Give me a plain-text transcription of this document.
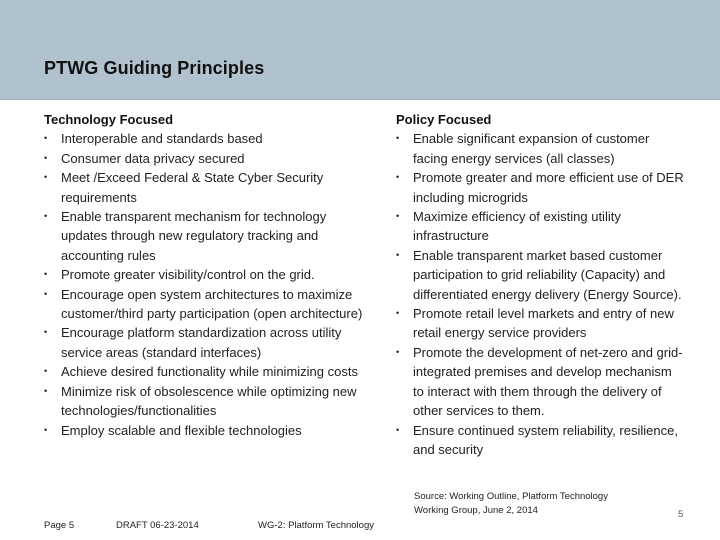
PTWG Guiding Principles
Technology Focused
•	Interoperable and standards based
•	Consumer data privacy secured
•	Meet /Exceed Federal & State Cyber Security requirements
•	Enable transparent mechanism for technology updates through new regulatory tracking and accounting rules
•	Promote greater visibility/control on the grid.
•	Encourage open system architectures to maximize customer/third party participation (open architecture)
•	Encourage platform standardization across utility service areas (standard interfaces)
•	Achieve desired functionality while minimizing costs
•	Minimize risk of obsolescence while optimizing new technologies/functionalities
•	Employ scalable and flexible technologies
Policy Focused
•	Enable significant expansion of customer facing energy services (all classes)
•	Promote greater and more efficient use of DER including microgrids
•	Maximize efficiency of existing utility infrastructure
•	Enable transparent market based customer participation to grid reliability (Capacity) and differentiated energy delivery (Energy Source).
•	Promote retail level markets and entry of new retail energy service providers
•	Promote the development of net-zero and grid-integrated premises and develop mechanism to interact with them through the delivery of other services to them.
•	Ensure continued system reliability, resilience, and security
Source: Working Outline, Platform Technology
Working Group, June 2, 2014
Page 5	DRAFT 06-23-2014	WG-2: Platform Technology
5
